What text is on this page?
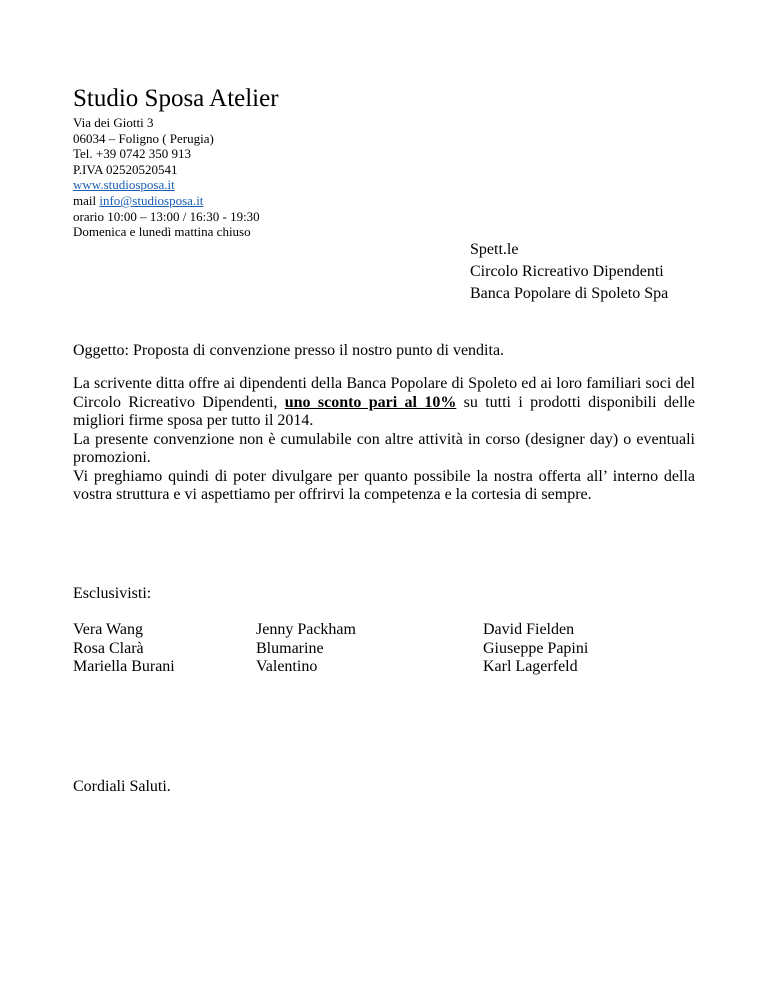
Studio Sposa Atelier
Via dei Giotti 3
06034 – Foligno ( Perugia)
Tel. +39 0742 350 913
P.IVA 02520520541
www.studiosposa.it
mail info@studiosposa.it
orario 10:00 – 13:00 / 16:30 - 19:30
Domenica e lunedì mattina chiuso
Spett.le
Circolo Ricreativo Dipendenti
Banca Popolare di Spoleto Spa
Oggetto: Proposta di convenzione presso il nostro punto di vendita.

La scrivente ditta offre ai dipendenti della Banca Popolare di Spoleto ed ai loro familiari soci del Circolo Ricreativo Dipendenti, uno sconto pari al 10% su tutti i prodotti disponibili delle migliori firme sposa per tutto il 2014.

La presente convenzione non è cumulabile con altre attività in corso (designer day) o eventuali promozioni.

Vi preghiamo quindi di poter divulgare per quanto possibile la nostra offerta all’ interno della vostra struttura e vi aspettiamo per offrirvi la competenza e la cortesia di sempre.

Esclusivisti:
Vera Wang
Rosa Clarà
Mariella Burani
Jenny Packham
Blumarine
Valentino
David Fielden
Giuseppe Papini
Karl Lagerfeld
Cordiali Saluti.
